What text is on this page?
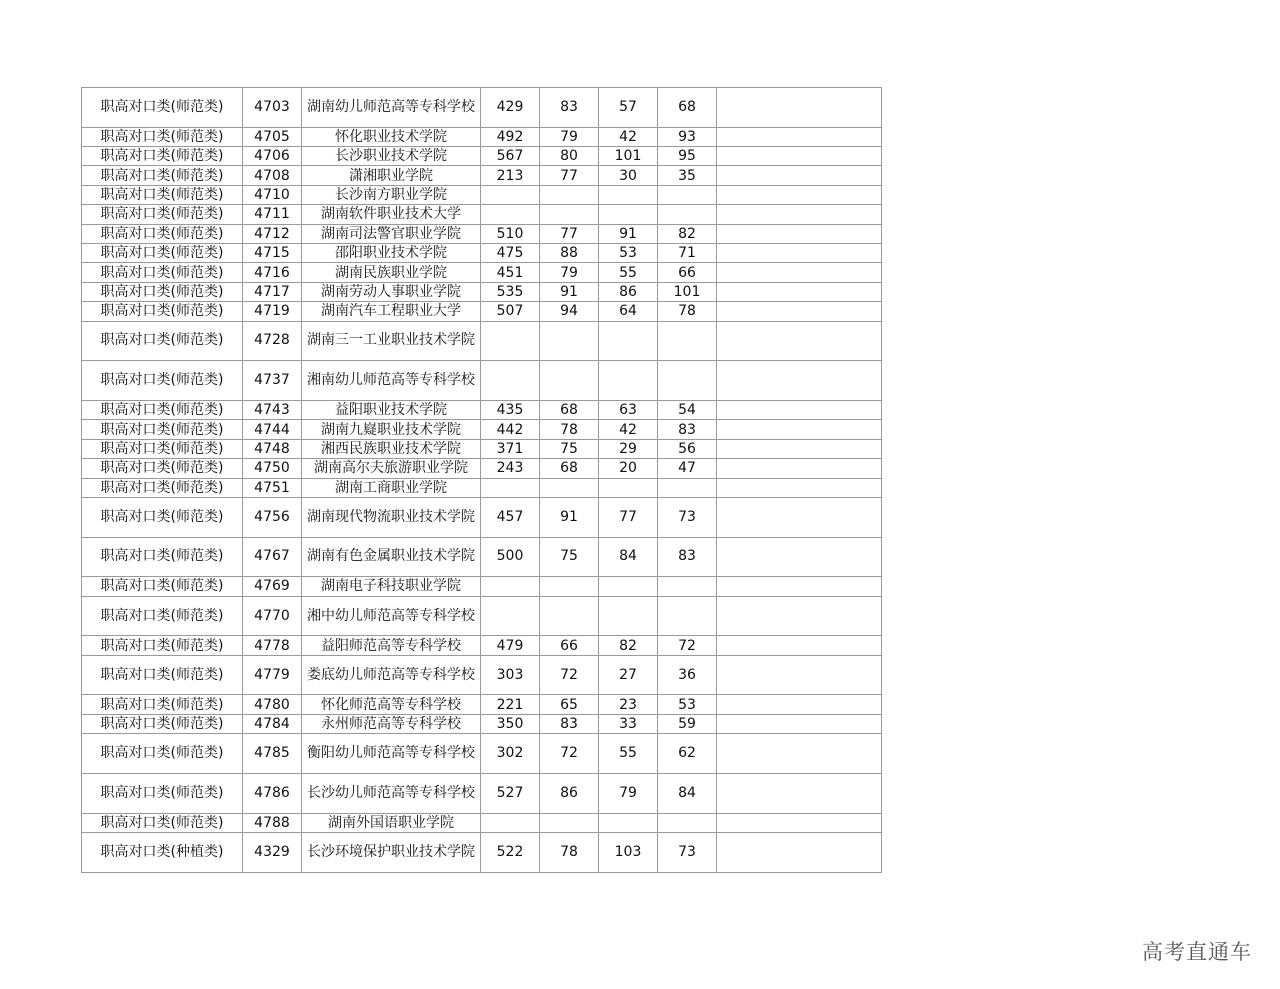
职高对口类(师范类)	4703	湖南幼儿师范高等专科学校	429	83	57	68	
职高对口类(师范类)	4705	怀化职业技术学院	492	79	42	93	
职高对口类(师范类)	4706	长沙职业技术学院	567	80	101	95	
职高对口类(师范类)	4708	潇湘职业学院	213	77	30	35	
职高对口类(师范类)	4710	长沙南方职业学院					
职高对口类(师范类)	4711	湖南软件职业技术大学					
职高对口类(师范类)	4712	湖南司法警官职业学院	510	77	91	82	
职高对口类(师范类)	4715	邵阳职业技术学院	475	88	53	71	
职高对口类(师范类)	4716	湖南民族职业学院	451	79	55	66	
职高对口类(师范类)	4717	湖南劳动人事职业学院	535	91	86	101	
职高对口类(师范类)	4719	湖南汽车工程职业大学	507	94	64	78	
职高对口类(师范类)	4728	湖南三一工业职业技术学院					
职高对口类(师范类)	4737	湘南幼儿师范高等专科学校					
职高对口类(师范类)	4743	益阳职业技术学院	435	68	63	54	
职高对口类(师范类)	4744	湖南九嶷职业技术学院	442	78	42	83	
职高对口类(师范类)	4748	湘西民族职业技术学院	371	75	29	56	
职高对口类(师范类)	4750	湖南高尔夫旅游职业学院	243	68	20	47	
职高对口类(师范类)	4751	湖南工商职业学院					
职高对口类(师范类)	4756	湖南现代物流职业技术学院	457	91	77	73	
职高对口类(师范类)	4767	湖南有色金属职业技术学院	500	75	84	83	
职高对口类(师范类)	4769	湖南电子科技职业学院					
职高对口类(师范类)	4770	湘中幼儿师范高等专科学校					
职高对口类(师范类)	4778	益阳师范高等专科学校	479	66	82	72	
职高对口类(师范类)	4779	娄底幼儿师范高等专科学校	303	72	27	36	
职高对口类(师范类)	4780	怀化师范高等专科学校	221	65	23	53	
职高对口类(师范类)	4784	永州师范高等专科学校	350	83	33	59	
职高对口类(师范类)	4785	衡阳幼儿师范高等专科学校	302	72	55	62	
职高对口类(师范类)	4786	长沙幼儿师范高等专科学校	527	86	79	84	
职高对口类(师范类)	4788	湖南外国语职业学院					
职高对口类(种植类)	4329	长沙环境保护职业技术学院	522	78	103	73	
高考直通车
